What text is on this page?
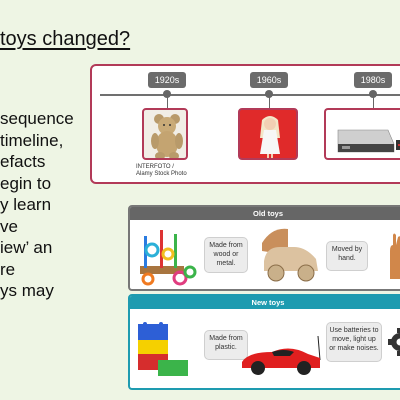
toys changed?
sequence
timeline,
efacts
egin to
y learn
ve
iew’ an
re
ys may
1920s	1960s	1980s
INTERFOTO /
Alamy Stock Photo
Old toys
Made from wood or metal.
Moved by hand.
New toys
Made from plastic.
Use batteries to move, light up or make noises.
